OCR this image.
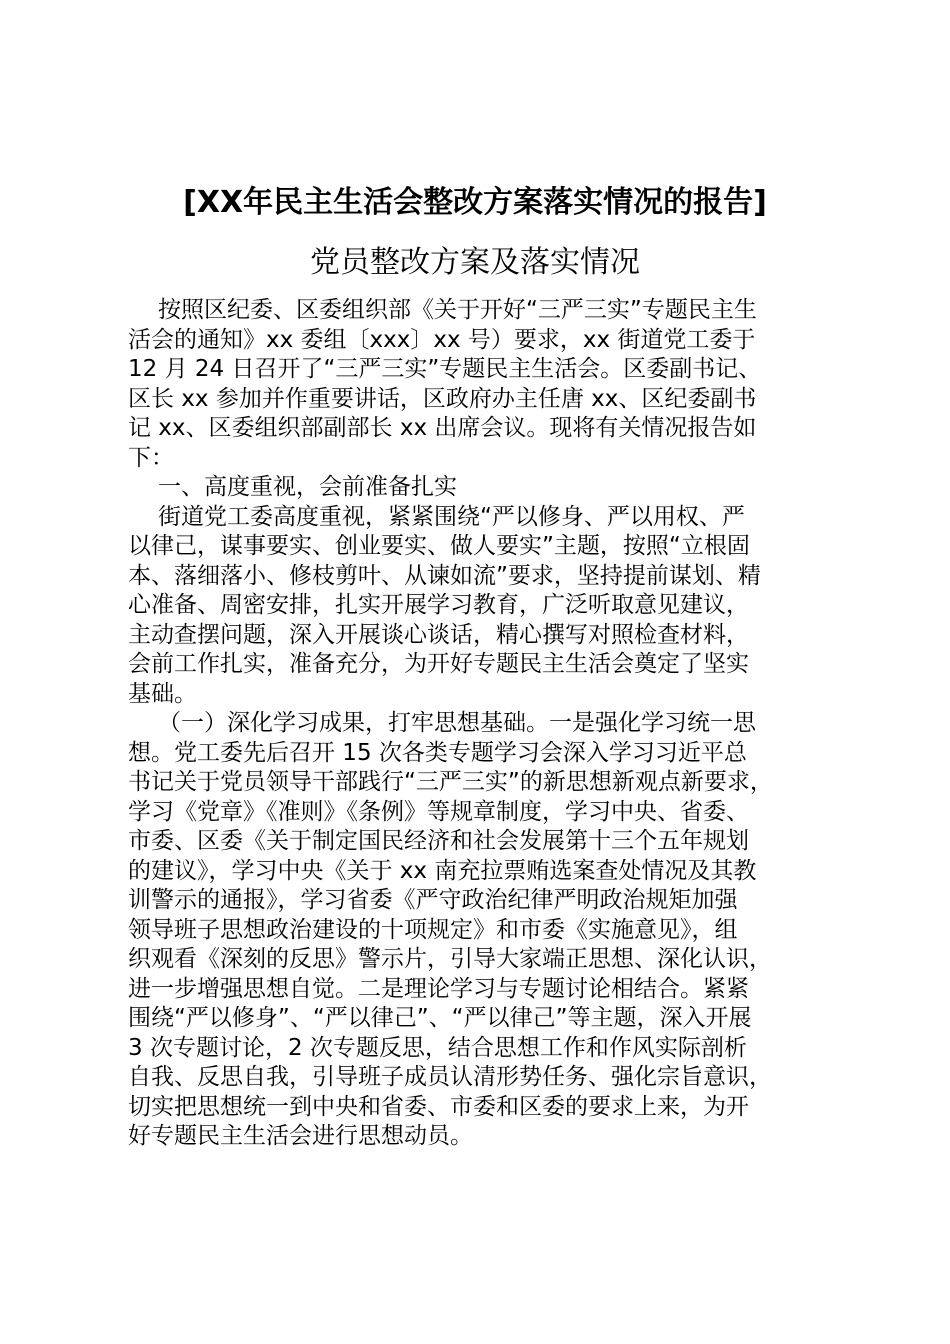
[XX年民主生活会整改方案落实情况的报告]
党员整改方案及落实情况

按照区纪委、区委组织部《关于开好“三严三实”专题民主生
活会的通知》xx 委组〔xxx〕xx 号）要求，xx 街道党工委于
12 月 24 日召开了“三严三实”专题民主生活会。区委副书记、
区长 xx 参加并作重要讲话，区政府办主任唐 xx、区纪委副书
记 xx、区委组织部副部长 xx 出席会议。现将有关情况报告如
下：

一、高度重视，会前准备扎实

街道党工委高度重视，紧紧围绕“严以修身、严以用权、严
以律己，谋事要实、创业要实、做人要实”主题，按照“立根固
本、落细落小、修枝剪叶、从谏如流”要求，坚持提前谋划、精
心准备、周密安排，扎实开展学习教育，广泛听取意见建议，
主动查摆问题，深入开展谈心谈话，精心撰写对照检查材料，
会前工作扎实，准备充分，为开好专题民主生活会奠定了坚实
基础。

（一）深化学习成果，打牢思想基础。一是强化学习统一思
想。党工委先后召开 15 次各类专题学习会深入学习习近平总
书记关于党员领导干部践行“三严三实”的新思想新观点新要求，
学习《党章》《准则》《条例》等规章制度，学习中央、省委、
市委、区委《关于制定国民经济和社会发展第十三个五年规划
的建议》，学习中央《关于 xx 南充拉票贿选案查处情况及其教
训警示的通报》，学习省委《严守政治纪律严明政治规矩加强
领导班子思想政治建设的十项规定》和市委《实施意见》，组
织观看《深刻的反思》警示片，引导大家端正思想、深化认识，
进一步增强思想自觉。二是理论学习与专题讨论相结合。紧紧
围绕“严以修身”、“严以律己”、“严以律己”等主题，深入开展
3 次专题讨论，2 次专题反思，结合思想工作和作风实际剖析
自我、反思自我，引导班子成员认清形势任务、强化宗旨意识，
切实把思想统一到中央和省委、市委和区委的要求上来，为开
好专题民主生活会进行思想动员。
